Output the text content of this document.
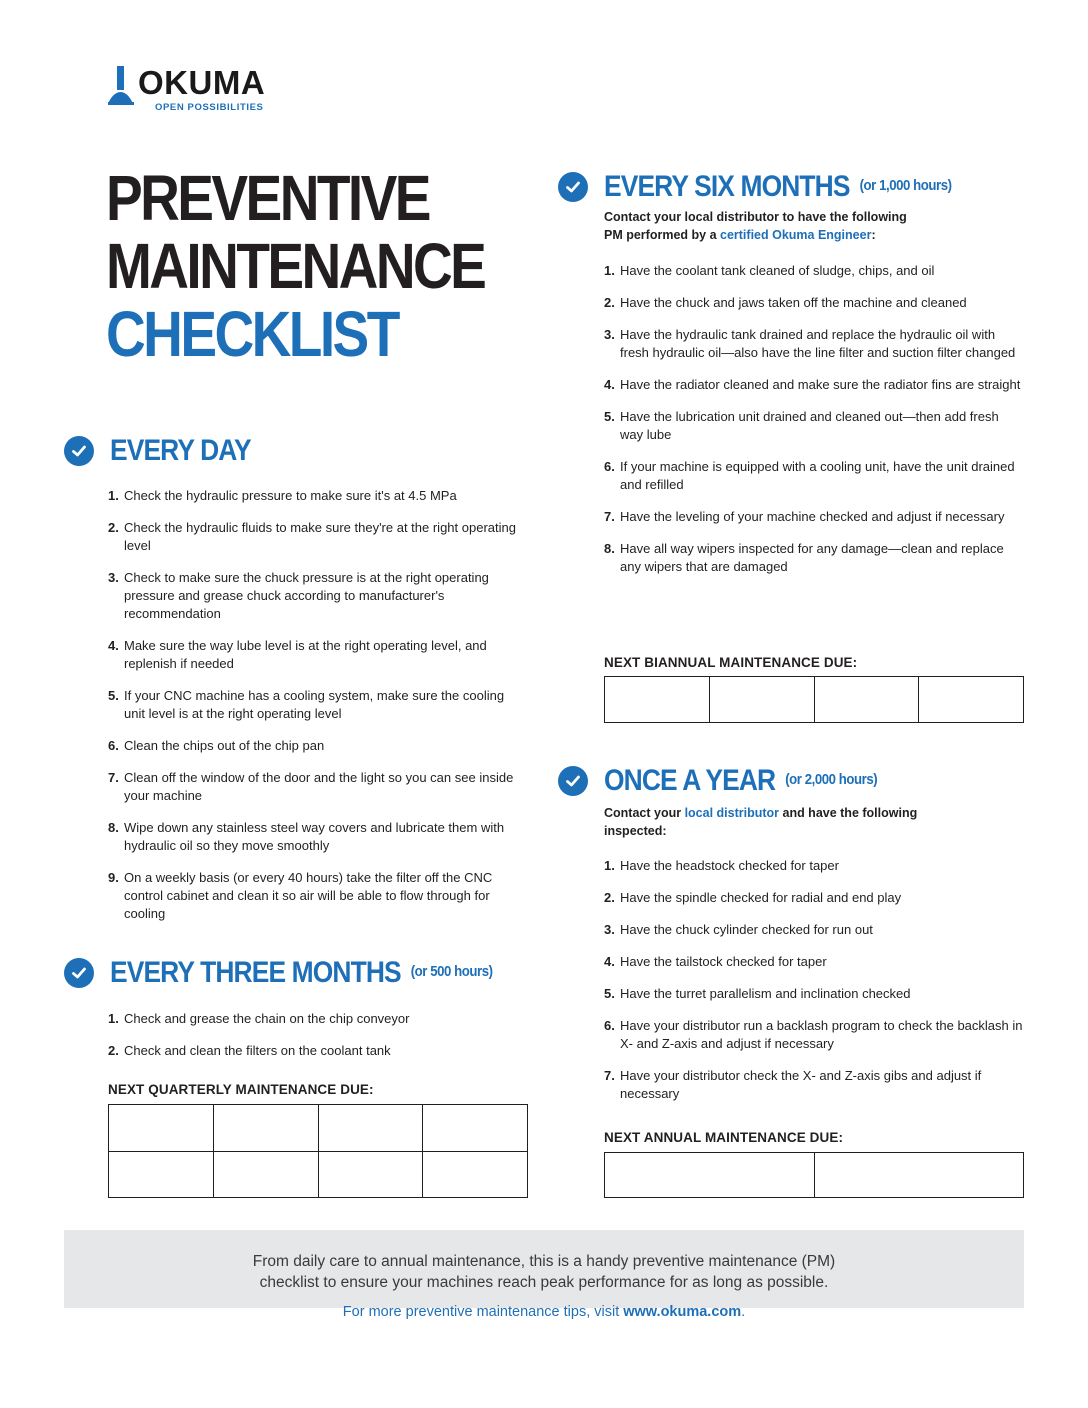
OKUMA
OPEN POSSIBILITIES
PREVENTIVE
MAINTENANCE
CHECKLIST
EVERY DAY
1. Check the hydraulic pressure to make sure it's at 4.5 MPa
2. Check the hydraulic fluids to make sure they're at the right operating level
3. Check to make sure the chuck pressure is at the right operating pressure and grease chuck according to manufacturer's recommendation
4. Make sure the way lube level is at the right operating level, and replenish if needed
5. If your CNC machine has a cooling system, make sure the cooling unit level is at the right operating level
6. Clean the chips out of the chip pan
7. Clean off the window of the door and the light so you can see inside your machine
8. Wipe down any stainless steel way covers and lubricate them with hydraulic oil so they move smoothly
9. On a weekly basis (or every 40 hours) take the filter off the CNC control cabinet and clean it so air will be able to flow through for cooling
EVERY THREE MONTHS $^{(or 500 hours)}$
1. Check and grease the chain on the chip conveyor
2. Check and clean the filters on the coolant tank
NEXT QUARTERLY MAINTENANCE DUE:

EVERY SIX MONTHS $^{(or 1,000 hours)}$
Contact your local distributor to have the following
PM performed by a certified Okuma Engineer:
1. Have the coolant tank cleaned of sludge, chips, and oil
2. Have the chuck and jaws taken off the machine and cleaned
3. Have the hydraulic tank drained and replace the hydraulic oil with fresh hydraulic oil—also have the line filter and suction filter changed
4. Have the radiator cleaned and make sure the radiator fins are straight
5. Have the lubrication unit drained and cleaned out—then add fresh way lube
6. If your machine is equipped with a cooling unit, have the unit drained and refilled
7. Have the leveling of your machine checked and adjust if necessary
8. Have all way wipers inspected for any damage—clean and replace any wipers that are damaged
NEXT BIANNUAL MAINTENANCE DUE:

ONCE A YEAR $^{(or 2,000 hours)}$
Contact your local distributor and have the following
inspected:
1. Have the headstock checked for taper
2. Have the spindle checked for radial and end play
3. Have the chuck cylinder checked for run out
4. Have the tailstock checked for taper
5. Have the turret parallelism and inclination checked
6. Have your distributor run a backlash program to check the backlash in X- and Z-axis and adjust if necessary
7. Have your distributor check the X- and Z-axis gibs and adjust if necessary
NEXT ANNUAL MAINTENANCE DUE:

From daily care to annual maintenance, this is a handy preventive maintenance (PM)
checklist to ensure your machines reach peak performance for as long as possible.
For more preventive maintenance tips, visit www.okuma.com.
